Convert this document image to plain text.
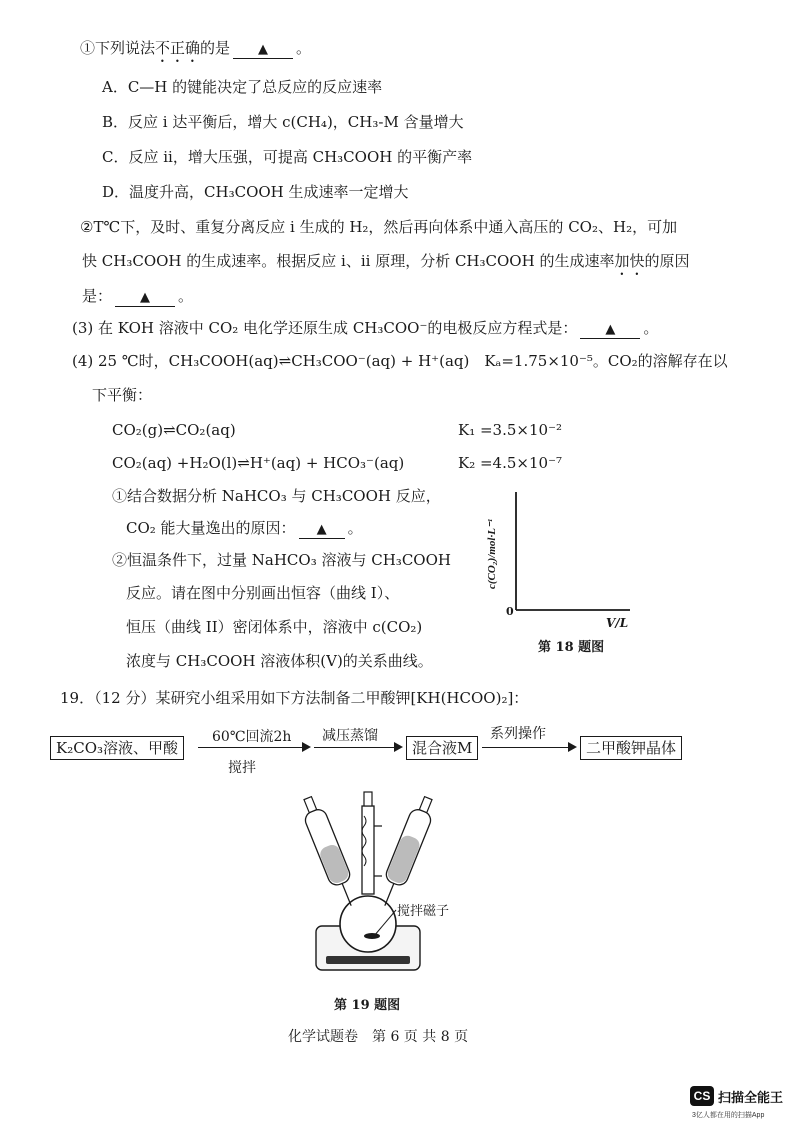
①下列说法不正确的是 ▲ 。
A．C—H 的键能决定了总反应的反应速率
B．反应 i 达平衡后，增大 c(CH₄)，CH₃-M 含量增大
C．反应 ii，增大压强，可提高 CH₃COOH 的平衡产率
D．温度升高，CH₃COOH 生成速率一定增大
②T℃下，及时、重复分离反应 i 生成的 H₂，然后再向体系中通入高压的 CO₂、H₂，可加
快 CH₃COOH 的生成速率。根据反应 i、ii 原理，分析 CH₃COOH 的生成速率加快的原因
是： ▲ 。
(3) 在 KOH 溶液中 CO₂ 电化学还原生成 CH₃COO⁻的电极反应方程式是： ▲ 。
(4) 25 ℃时，CH₃COOH(aq)⇌CH₃COO⁻(aq) + H⁺(aq)　Kₐ=1.75×10⁻⁵。CO₂的溶解存在以
下平衡：
CO₂(g)⇌CO₂(aq)	K₁ =3.5×10⁻²
CO₂(aq) +H₂O(l)⇌H⁺(aq) + HCO₃⁻(aq)	K₂ =4.5×10⁻⁷
①结合数据分析 NaHCO₃ 与 CH₃COOH 反应，
CO₂ 能大量逸出的原因： ▲ 。
②恒温条件下，过量 NaHCO₃ 溶液与 CH₃COOH
反应。请在图中分别画出恒容（曲线 I）、
恒压（曲线 II）密闭体系中，溶液中 c(CO₂)
浓度与 CH₃COOH 溶液体积(V)的关系曲线。
c(CO₂)/mol·L⁻¹
0
V/L
第 18 题图
19．（12 分）某研究小组采用如下方法制备二甲酸钾[KH(HCOO)₂]：
K₂CO₃溶液、甲酸
60℃回流2h
搅拌
减压蒸馏
混合液M
系列操作
二甲酸钾晶体
搅拌磁子
第 19 题图
化学试题卷　第 6 页 共 8 页
CS 扫描全能王
3亿人都在用的扫描App
